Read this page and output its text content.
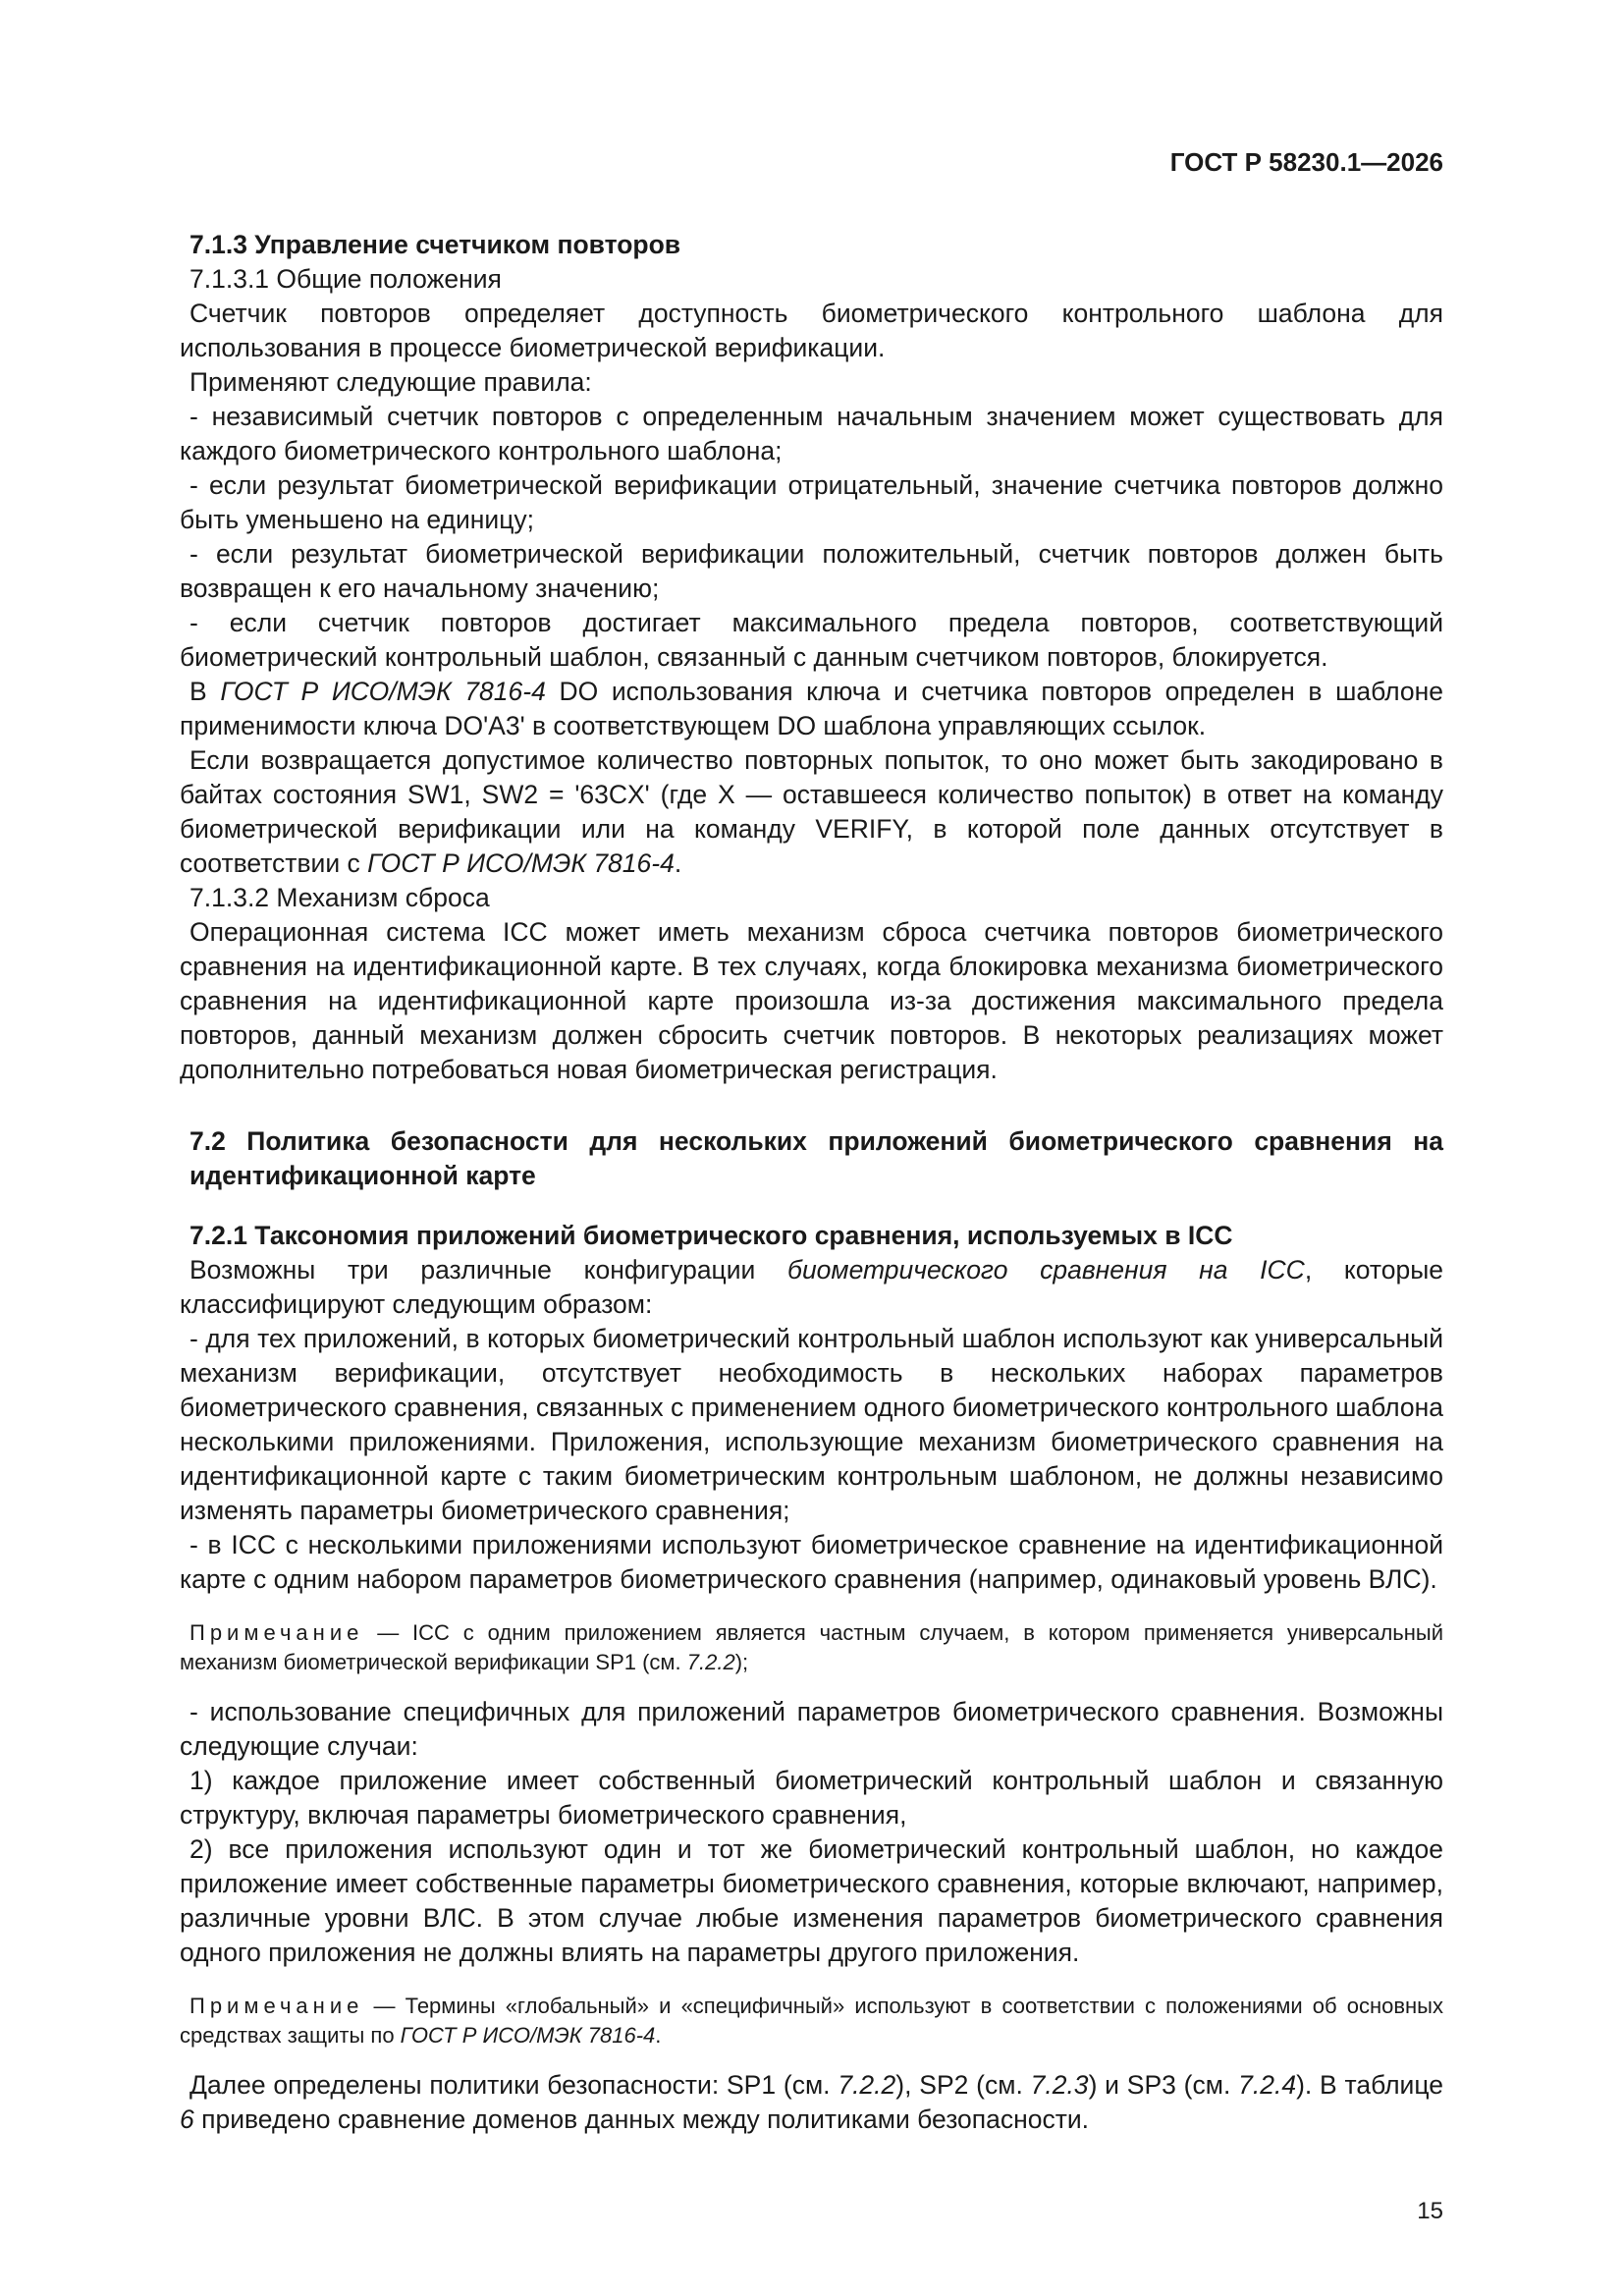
ГОСТ Р 58230.1—2026

7.1.3 Управление счетчиком повторов

7.1.3.1 Общие положения

Счетчик повторов определяет доступность биометрического контрольного шаблона для использования в процессе биометрической верификации.

Применяют следующие правила:

- независимый счетчик повторов с определенным начальным значением может существовать для каждого биометрического контрольного шаблона;

- если результат биометрической верификации отрицательный, значение счетчика повторов должно быть уменьшено на единицу;

- если результат биометрической верификации положительный, счетчик повторов должен быть возвращен к его начальному значению;

- если счетчик повторов достигает максимального предела повторов, соответствующий биометрический контрольный шаблон, связанный с данным счетчиком повторов, блокируется.

В ГОСТ Р ИСО/МЭК 7816-4 DO использования ключа и счетчика повторов определен в шаблоне применимости ключа DO'A3' в соответствующем DO шаблона управляющих ссылок.

Если возвращается допустимое количество повторных попыток, то оно может быть закодировано в байтах состояния SW1, SW2 = '63CX' (где X — оставшееся количество попыток) в ответ на команду биометрической верификации или на команду VERIFY, в которой поле данных отсутствует в соответствии с ГОСТ Р ИСО/МЭК 7816-4.

7.1.3.2 Механизм сброса

Операционная система ICC может иметь механизм сброса счетчика повторов биометрического сравнения на идентификационной карте. В тех случаях, когда блокировка механизма биометрического сравнения на идентификационной карте произошла из-за достижения максимального предела повторов, данный механизм должен сбросить счетчик повторов. В некоторых реализациях может дополнительно потребоваться новая биометрическая регистрация.

7.2 Политика безопасности для нескольких приложений биометрического сравнения на идентификационной карте

7.2.1 Таксономия приложений биометрического сравнения, используемых в ICC

Возможны три различные конфигурации биометрического сравнения на ICC, которые классифицируют следующим образом:

- для тех приложений, в которых биометрический контрольный шаблон используют как универсальный механизм верификации, отсутствует необходимость в нескольких наборах параметров биометрического сравнения, связанных с применением одного биометрического контрольного шаблона несколькими приложениями. Приложения, использующие механизм биометрического сравнения на идентификационной карте с таким биометрическим контрольным шаблоном, не должны независимо изменять параметры биометрического сравнения;

- в ICC с несколькими приложениями используют биометрическое сравнение на идентификационной карте с одним набором параметров биометрического сравнения (например, одинаковый уровень ВЛС).

Примечание — ICC с одним приложением является частным случаем, в котором применяется универсальный механизм биометрической верификации SP1 (см. 7.2.2);

- использование специфичных для приложений параметров биометрического сравнения. Возможны следующие случаи:

1) каждое приложение имеет собственный биометрический контрольный шаблон и связанную структуру, включая параметры биометрического сравнения,

2) все приложения используют один и тот же биометрический контрольный шаблон, но каждое приложение имеет собственные параметры биометрического сравнения, которые включают, например, различные уровни ВЛС. В этом случае любые изменения параметров биометрического сравнения одного приложения не должны влиять на параметры другого приложения.

Примечание — Термины «глобальный» и «специфичный» используют в соответствии с положениями об основных средствах защиты по ГОСТ Р ИСО/МЭК 7816-4.

Далее определены политики безопасности: SP1 (см. 7.2.2), SP2 (см. 7.2.3) и SP3 (см. 7.2.4). В таблице 6 приведено сравнение доменов данных между политиками безопасности.

15
